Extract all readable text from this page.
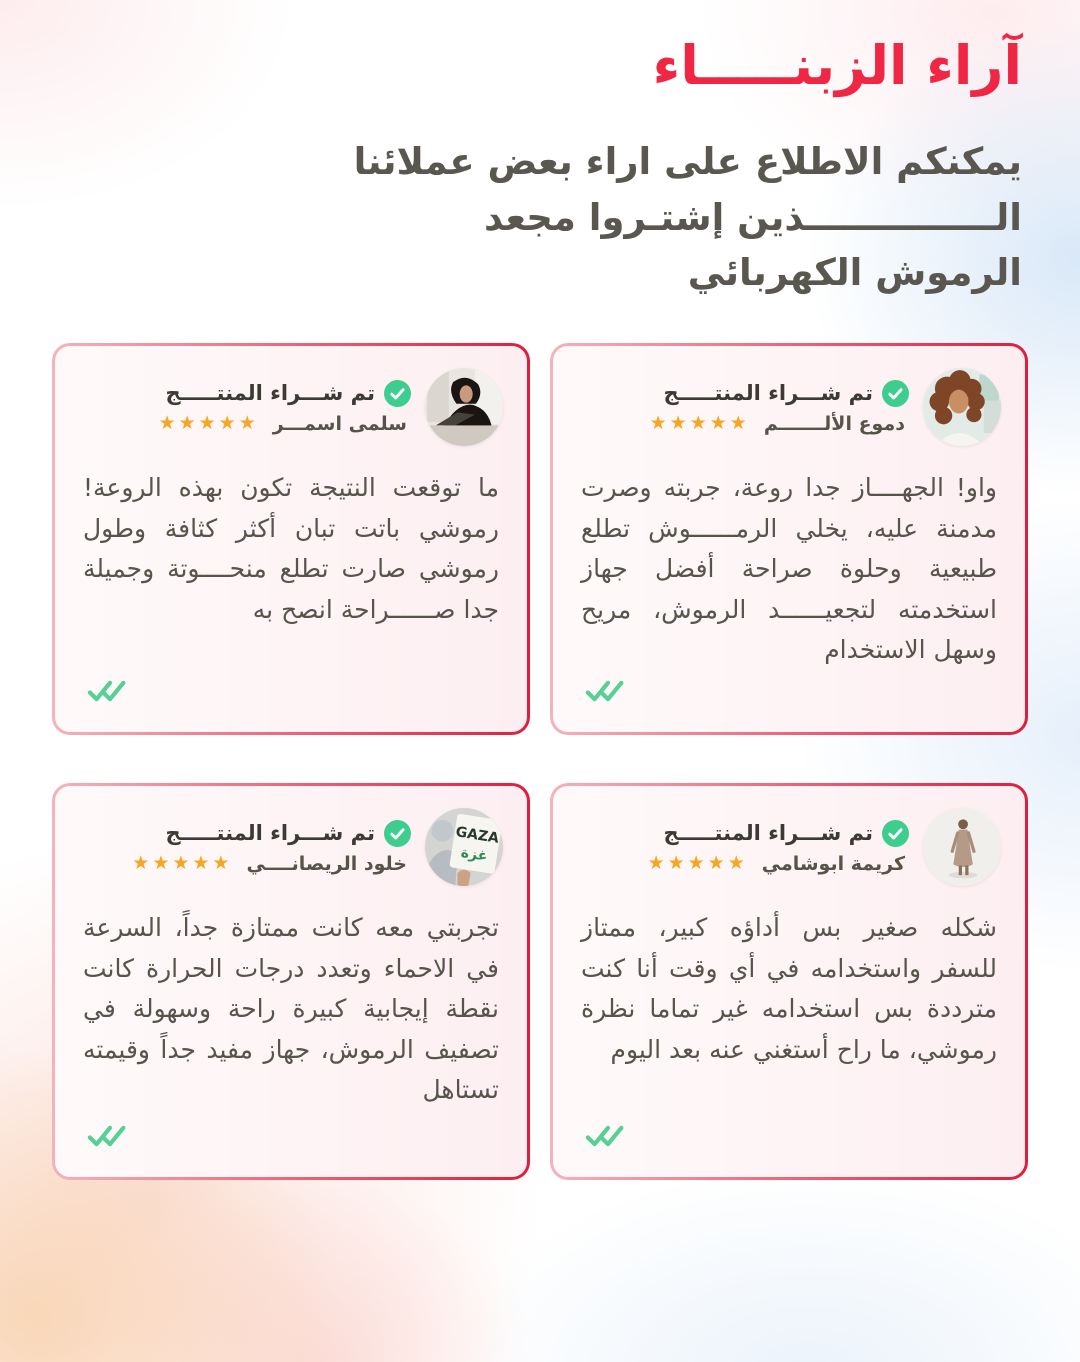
آراء الزبنـــــاء
يمكنكم الاطلاع على اراء بعض عملائنا الـــــــــــــــذين إشتـروا مجعد
الرموش الكهربائي
تم شـــراء المنتـــــج
سلمى اسمـــر
★★★★★

ما توقعت النتيجة تكون بهذه الروعة! رموشي باتت تبان أكثر كثافة وطول رموشي صارت تطلع منحــــوتة وجميلة جدا صــــــراحة انصح به

تم شـــراء المنتـــــج
دموع الألـــــــم
★★★★★

واو! الجهــــاز جدا روعة، جربته وصرت مدمنة عليه، يخلي الرمــــــوش تطلع طبيعية وحلوة صراحة أفضل جهاز استخدمته لتجعيــــــد الرموش، مريح وسهل الاستخدام

GAZA
غزة
تم شـــراء المنتـــــج
خلود الريصانــــي
★★★★★

تجربتي معه كانت ممتازة جداً، السرعة في الاحماء وتعدد درجات الحرارة كانت نقطة إيجابية كبيرة راحة وسهولة في تصفيف الرموش، جهاز مفيد جداً وقيمته تستاهل

تم شـــراء المنتـــــج
كريمة ابوشامي
★★★★★

شكله صغير بس أداؤه كبير، ممتاز للسفر واستخدامه في أي وقت أنا كنت مترددة بس استخدامه غير تماما نظرة رموشي، ما راح أستغني عنه بعد اليوم
